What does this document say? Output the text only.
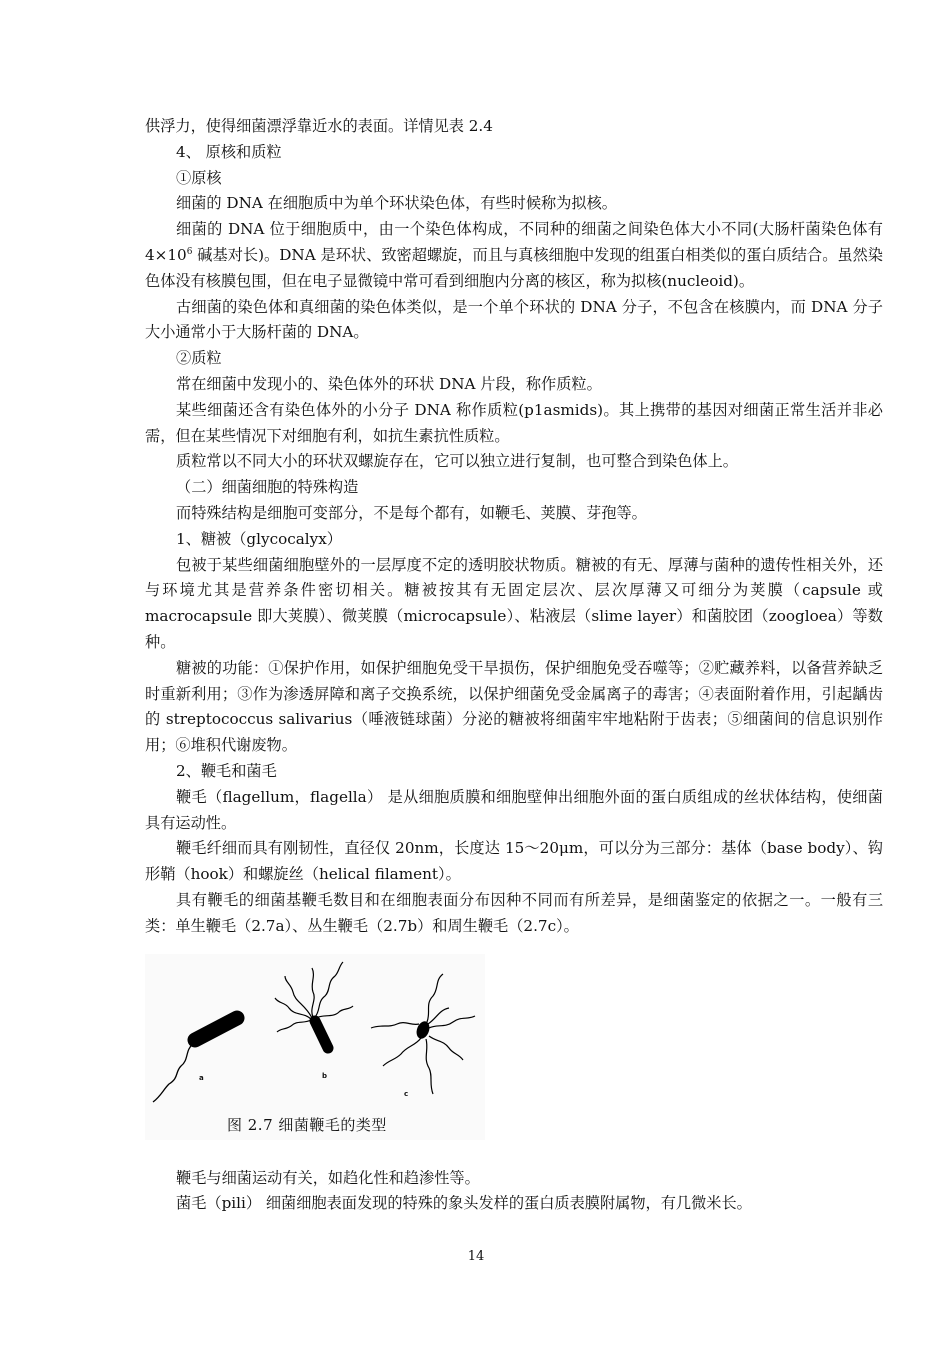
供浮力，使得细菌漂浮靠近水的表面。详情见表 2.4

4、 原核和质粒

①原核

细菌的 DNA 在细胞质中为单个环状染色体，有些时候称为拟核。

细菌的 DNA 位于细胞质中，由一个染色体构成，不同种的细菌之间染色体大小不同(大肠杆菌染色体有 $4\times 10^6$ 碱基对长)。DNA 是环状、致密超螺旋，而且与真核细胞中发现的组蛋白相类似的蛋白质结合。虽然染色体没有核膜包围，但在电子显微镜中常可看到细胞内分离的核区，称为拟核(nucleoid)。

古细菌的染色体和真细菌的染色体类似，是一个单个环状的 DNA 分子，不包含在核膜内，而 DNA 分子大小通常小于大肠杆菌的 DNA。

②质粒

常在细菌中发现小的、染色体外的环状 DNA 片段，称作质粒。

某些细菌还含有染色体外的小分子 DNA 称作质粒(p1asmids)。其上携带的基因对细菌正常生活并非必需，但在某些情况下对细胞有利，如抗生素抗性质粒。

质粒常以不同大小的环状双螺旋存在，它可以独立进行复制，也可整合到染色体上。

（二）细菌细胞的特殊构造

而特殊结构是细胞可变部分，不是每个都有，如鞭毛、荚膜、芽孢等。

1、糖被（glycocalyx）

包被于某些细菌细胞壁外的一层厚度不定的透明胶状物质。糖被的有无、厚薄与菌种的遗传性相关外，还与环境尤其是营养条件密切相关。糖被按其有无固定层次、层次厚薄又可细分为荚膜（capsule 或 macrocapsule 即大荚膜）、微荚膜（microcapsule）、粘液层（slime layer）和菌胶团（zoogloea）等数种。

糖被的功能：①保护作用，如保护细胞免受干旱损伤，保护细胞免受吞噬等；②贮藏养料，以备营养缺乏时重新利用；③作为渗透屏障和离子交换系统，以保护细菌免受金属离子的毒害；④表面附着作用，引起龋齿的 streptococcus salivarius（唾液链球菌）分泌的糖被将细菌牢牢地粘附于齿表；⑤细菌间的信息识别作用；⑥堆积代谢废物。

2、鞭毛和菌毛

鞭毛（flagellum，flagella） 是从细胞质膜和细胞壁伸出细胞外面的蛋白质组成的丝状体结构，使细菌具有运动性。

鞭毛纤细而具有刚韧性，直径仅 20nm，长度达 15～20μm，可以分为三部分：基体（base body）、钩形鞘（hook）和螺旋丝（helical filament）。

具有鞭毛的细菌基鞭毛数目和在细胞表面分布因种不同而有所差异，是细菌鉴定的依据之一。一般有三类：单生鞭毛（2.7a）、丛生鞭毛（2.7b）和周生鞭毛（2.7c）。

a	b
c
图 2.7 细菌鞭毛的类型

鞭毛与细菌运动有关，如趋化性和趋渗性等。

菌毛（pili） 细菌细胞表面发现的特殊的象头发样的蛋白质表膜附属物，有几微米长。

14
